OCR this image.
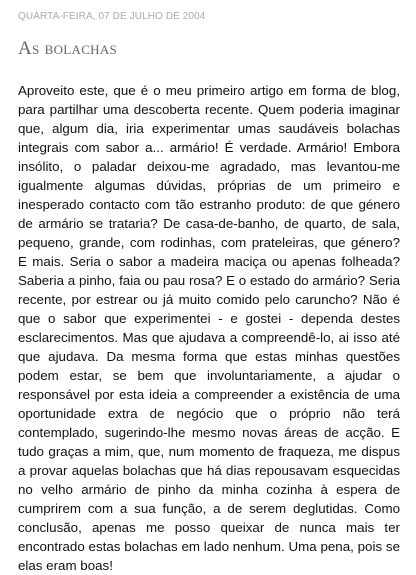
QUARTA-FEIRA, 07 DE JULHO DE 2004
As bolachas
Aproveito este, que é o meu primeiro artigo em forma de blog, para partilhar uma descoberta recente. Quem poderia imaginar que, algum dia, iria experimentar umas saudáveis bolachas integrais com sabor a... armário! É verdade. Armário! Embora insólito, o paladar deixou-me agradado, mas levantou-me igualmente algumas dúvidas, próprias de um primeiro e inesperado contacto com tão estranho produto: de que género de armário se trataria? De casa-de-banho, de quarto, de sala, pequeno, grande, com rodinhas, com prateleiras, que género? E mais. Seria o sabor a madeira maciça ou apenas folheada? Saberia a pinho, faia ou pau rosa? E o estado do armário? Seria recente, por estrear ou já muito comido pelo caruncho? Não é que o sabor que experimentei - e gostei - dependa destes esclarecimentos. Mas que ajudava a compreendê-lo, ai isso até que ajudava. Da mesma forma que estas minhas questões podem estar, se bem que involuntariamente, a ajudar o responsável por esta ideia a compreender a existência de uma oportunidade extra de negócio que o próprio não terá contemplado, sugerindo-lhe mesmo novas áreas de acção. E tudo graças a mim, que, num momento de fraqueza, me dispus a provar aquelas bolachas que há dias repousavam esquecidas no velho armário de pinho da minha cozinha à espera de cumprirem com a sua função, a de serem deglutidas. Como conclusão, apenas me posso queixar de nunca mais ter encontrado estas bolachas em lado nenhum. Uma pena, pois se elas eram boas!
